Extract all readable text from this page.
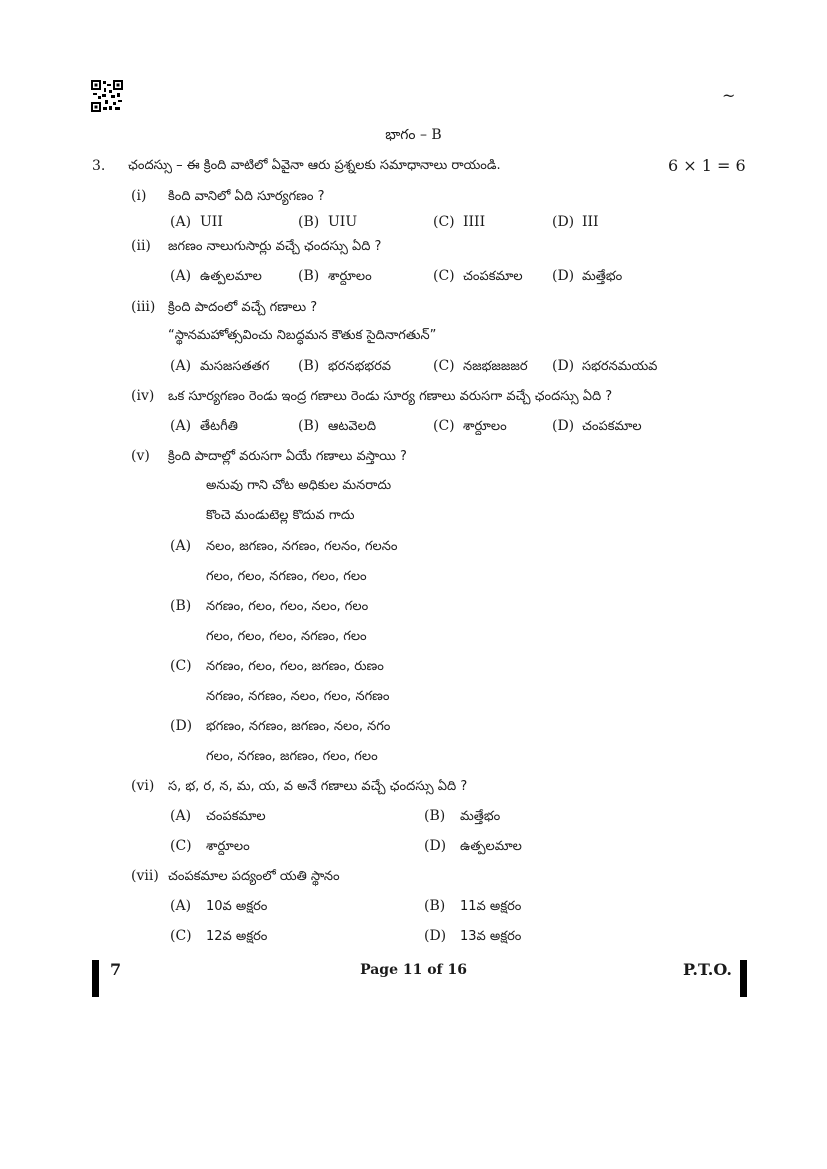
~
భాగం – B
3. ఛందస్సు – ఈ క్రింది వాటిలో ఏవైనా ఆరు ప్రశ్నలకు సమాధానాలు రాయండి.	6 × 1 = 6
(i) కింది వానిలో ఏది సూర్యగణం ?
(A) UII	(B) UIU	(C) IIII	(D) III
(ii) జగణం నాలుగుసార్లు వచ్చే ఛందస్సు ఏది ?
(A) ఉత్పలమాల	(B) శార్దూలం	(C) చంపకమాల (D) మత్తేభం
(iii) క్రింది పాదంలో వచ్చే గణాలు ?
“స్థానమహోత్సవించు నిబద్ధమన కౌతుక సైదినాగతున్”
(A) మసజసతతగ (B) భరనభభరవ	(C) నజభజజజర (D) సభరనమయవ
(iv) ఒక సూర్యగణం రెండు ఇంద్ర గణాలు రెండు సూర్య గణాలు వరుసగా వచ్చే ఛందస్సు ఏది ?
(A) తేటగీతి	(B) ఆటవెలది	(C) శార్దూలం	(D) చంపకమాల
(v) క్రింది పాదాల్లో వరుసగా ఏయే గణాలు వస్తాయి ?
అనువు గాని చోట అధికుల మనరాదు
కొంచె మండుటెల్ల కొదువ గాదు
(A)	నలం, జగణం, నగణం, గలనం, గలనం
గలం, గలం, నగణం, గలం, గలం
(B)	నగణం, గలం, గలం, నలం, గలం
గలం, గలం, గలం, నగణం, గలం
(C)	నగణం, గలం, గలం, జగణం, రుణం
నగణం, నగణం, నలం, గలం, నగణం
(D)	భగణం, నగణం, జగణం, నలం, నగం
గలం, నగణం, జగణం, గలం, గలం
(vi) స, భ, ర, న, మ, య, వ అనే గణాలు వచ్చే ఛందస్సు ఏది ?
(A) చంపకమాల	(B) మత్తేభం
(C) శార్దూలం	(D) ఉత్పలమాల
(vii) చంపకమాల పద్యంలో యతి స్థానం
(A) 10వ అక్షరం	(B) 11వ అక్షరం
(C) 12వ అక్షరం	(D) 13వ అక్షరం
7	Page 11 of 16	P.T.O.
